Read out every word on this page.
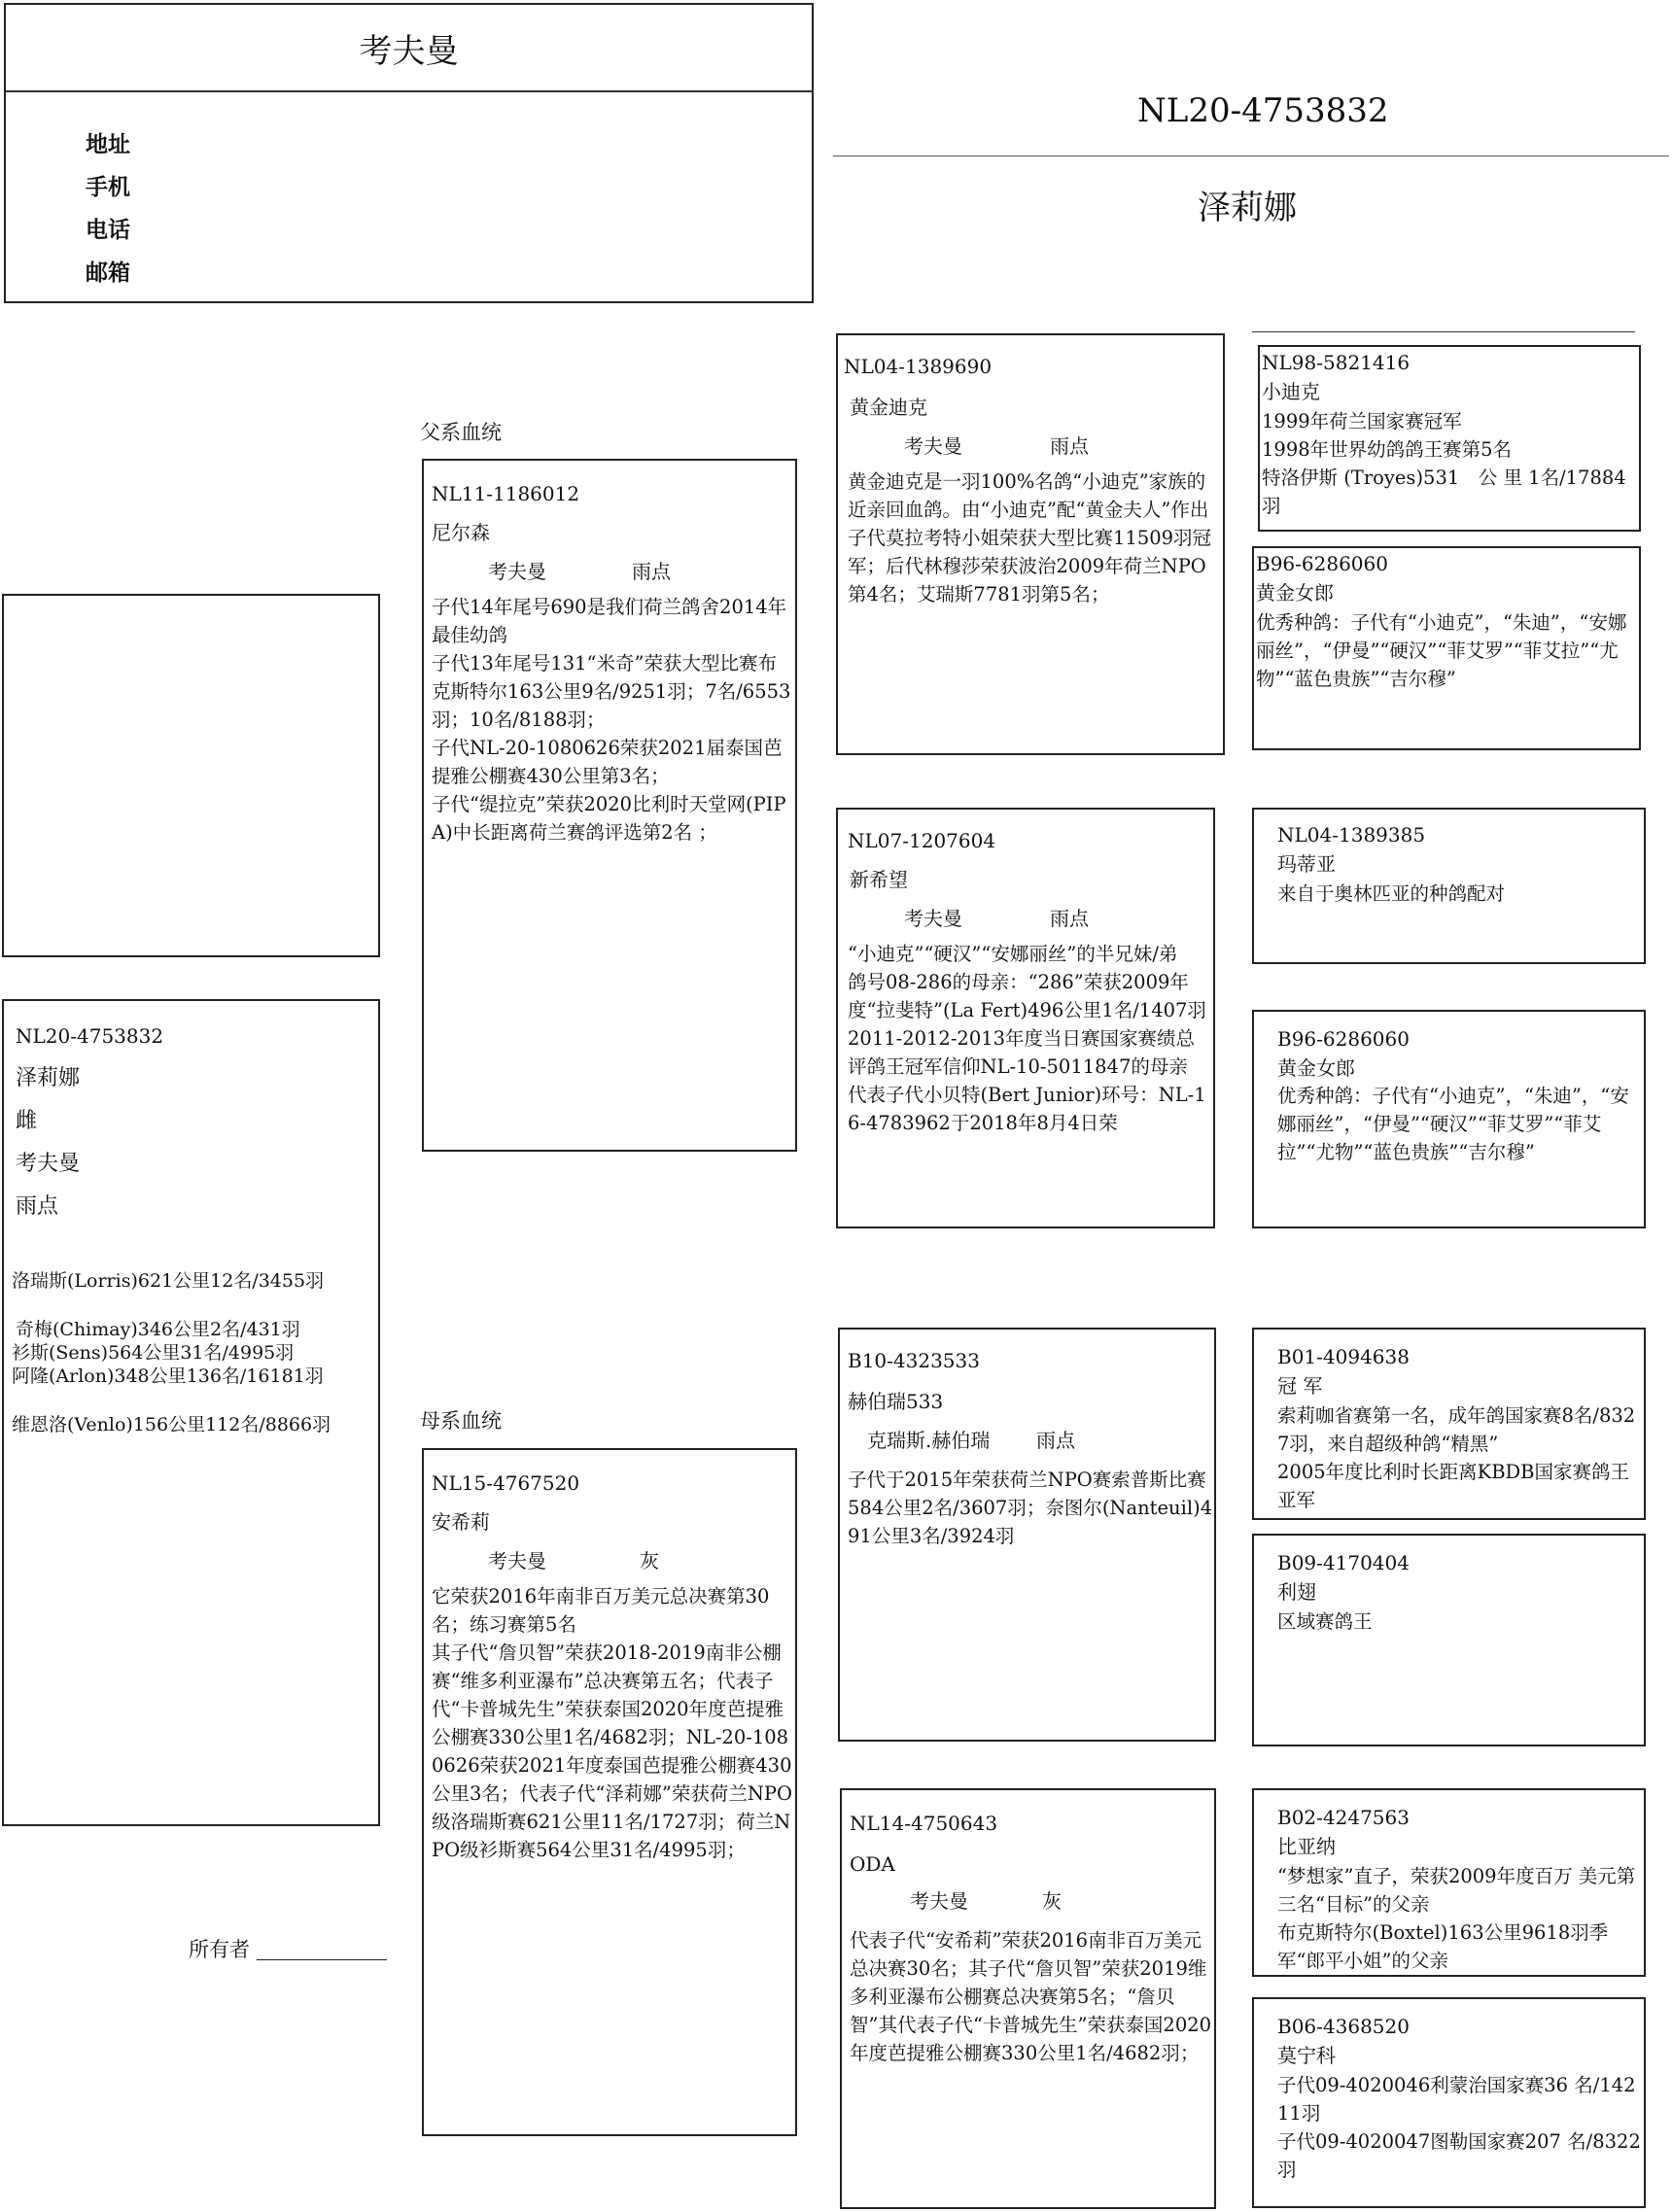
考夫曼
地址
手机
电话
邮箱
NL20-4753832
泽莉娜
NL20-4753832
泽莉娜
雌
考夫曼
雨点
洛瑞斯(Lorris)621公里12名/3455羽
奇梅(Chimay)346公里2名/431羽
衫斯(Sens)564公里31名/4995羽
阿隆(Arlon)348公里136名/16181羽
维恩洛(Venlo)156公里112名/8866羽
所有者
父系血统
母系血统
NL11-1186012
尼尔森
考夫曼	雨点
子代14年尾号690是我们荷兰鸽舍2014年最佳幼鸽
子代13年尾号131“米奇”荣获大型比赛布克斯特尔163公里9名/9251羽；7名/6553羽；10名/8188羽；
子代NL-20-1080626荣获2021届泰国芭提雅公棚赛430公里第3名；
子代“缇拉克”荣获2020比利时天堂网(PIPA)中长距离荷兰赛鸽评选第2名 ；
NL15-4767520
安希莉
考夫曼	灰
它荣获2016年南非百万美元总决赛第30名；练习赛第5名
其子代“詹贝智”荣获2018-2019南非公棚赛“维多利亚瀑布”总决赛第五名；代表子代“卡普城先生”荣获泰国2020年度芭提雅公棚赛330公里1名/4682羽；NL-20-1080626荣获2021年度泰国芭提雅公棚赛430公里3名；代表子代“泽莉娜”荣获荷兰NPO级洛瑞斯赛621公里11名/1727羽；荷兰NPO级衫斯赛564公里31名/4995羽；
NL04-1389690
黄金迪克
考夫曼	雨点
黄金迪克是一羽100%名鸽“小迪克”家族的近亲回血鸽。由“小迪克”配“黄金夫人”作出
子代莫拉考特小姐荣获大型比赛11509羽冠军；后代林穆莎荣获波治2009年荷兰NPO第4名；艾瑞斯7781羽第5名；
NL07-1207604
新希望
考夫曼	雨点
“小迪克”“硬汉”“安娜丽丝”的半兄妹/弟
鸽号08-286的母亲：“286”荣获2009年度“拉斐特”(La Fert)496公里1名/1407羽
2011-2012-2013年度当日赛国家赛绩总评鸽王冠军信仰NL-10-5011847的母亲
代表子代小贝特(Bert Junior)环号：NL-16-4783962于2018年8月4日荣
B10-4323533
赫伯瑞533
克瑞斯.赫伯瑞 雨点
子代于2015年荣获荷兰NPO赛索普斯比赛584公里2名/3607羽；奈图尔(Nanteuil)491公里3名/3924羽
NL14-4750643
ODA
考夫曼	灰
代表子代“安希莉”荣获2016南非百万美元总决赛30名；其子代“詹贝智”荣获2019维多利亚瀑布公棚赛总决赛第5名；“詹贝智”其代表子代“卡普城先生”荣获泰国2020年度芭提雅公棚赛330公里1名/4682羽；
NL98-5821416
小迪克
1999年荷兰国家赛冠军
1998年世界幼鸽鸽王赛第5名
特洛伊斯 (Troyes)531　公 里 1名/17884羽
B96-6286060
黄金女郎
优秀种鸽：子代有“小迪克”，“朱迪”，“安娜丽丝”，“伊曼”“硬汉”“菲艾罗”“菲艾拉”“尤物”“蓝色贵族”“吉尔穆”
NL04-1389385
玛蒂亚
来自于奥林匹亚的种鸽配对
B96-6286060
黄金女郎
优秀种鸽：子代有“小迪克”，“朱迪”，“安娜丽丝”，“伊曼”“硬汉”“菲艾罗”“菲艾拉”“尤物”“蓝色贵族”“吉尔穆”
B01-4094638
冠 军
索莉咖省赛第一名，成年鸽国家赛8名/8327羽，来自超级种鸽“精黑”
2005年度比利时长距离KBDB国家赛鸽王亚军
B09-4170404
利翅
区域赛鸽王
B02-4247563
比亚纳
“梦想家”直子，荣获2009年度百万 美元第三名“目标”的父亲
布克斯特尔(Boxtel)163公里9618羽季军“郎平小姐”的父亲
B06-4368520
莫宁科
子代09-4020046利蒙治国家赛36 名/14211羽
子代09-4020047图勒国家赛207 名/8322羽
